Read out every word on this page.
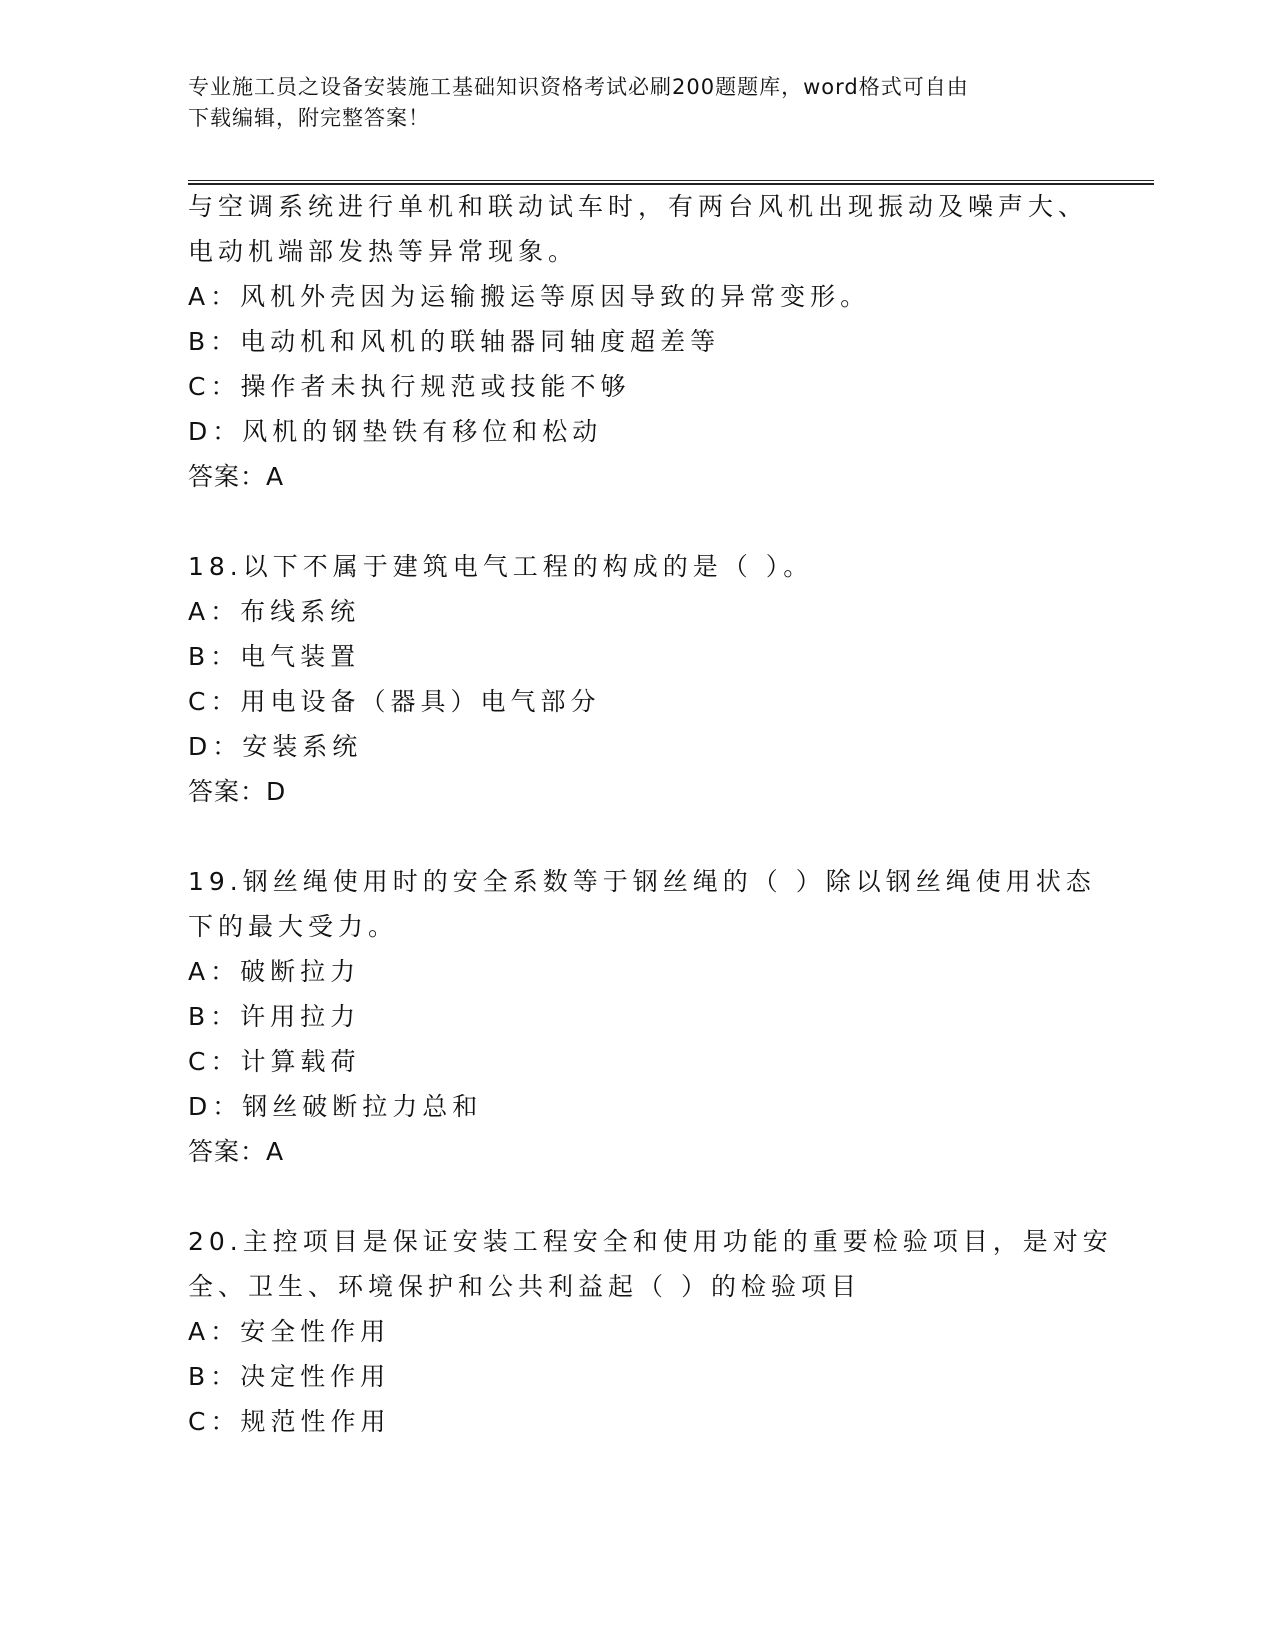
专业施工员之设备安装施工基础知识资格考试必刷200题题库，word格式可自由
下载编辑，附完整答案！
与空调系统进行单机和联动试车时，有两台风机出现振动及噪声大、
电动机端部发热等异常现象。
A：风机外壳因为运输搬运等原因导致的异常变形。
B：电动机和风机的联轴器同轴度超差等
C：操作者未执行规范或技能不够
D：风机的钢垫铁有移位和松动
答案：A
18.以下不属于建筑电气工程的构成的是（ ）。
A：布线系统
B：电气装置
C：用电设备（器具）电气部分
D：安装系统
答案：D
19.钢丝绳使用时的安全系数等于钢丝绳的（ ）除以钢丝绳使用状态
下的最大受力。
A：破断拉力
B：许用拉力
C：计算载荷
D：钢丝破断拉力总和
答案：A
20.主控项目是保证安装工程安全和使用功能的重要检验项目，是对安
全、卫生、环境保护和公共利益起（ ）的检验项目
A：安全性作用
B：决定性作用
C：规范性作用
